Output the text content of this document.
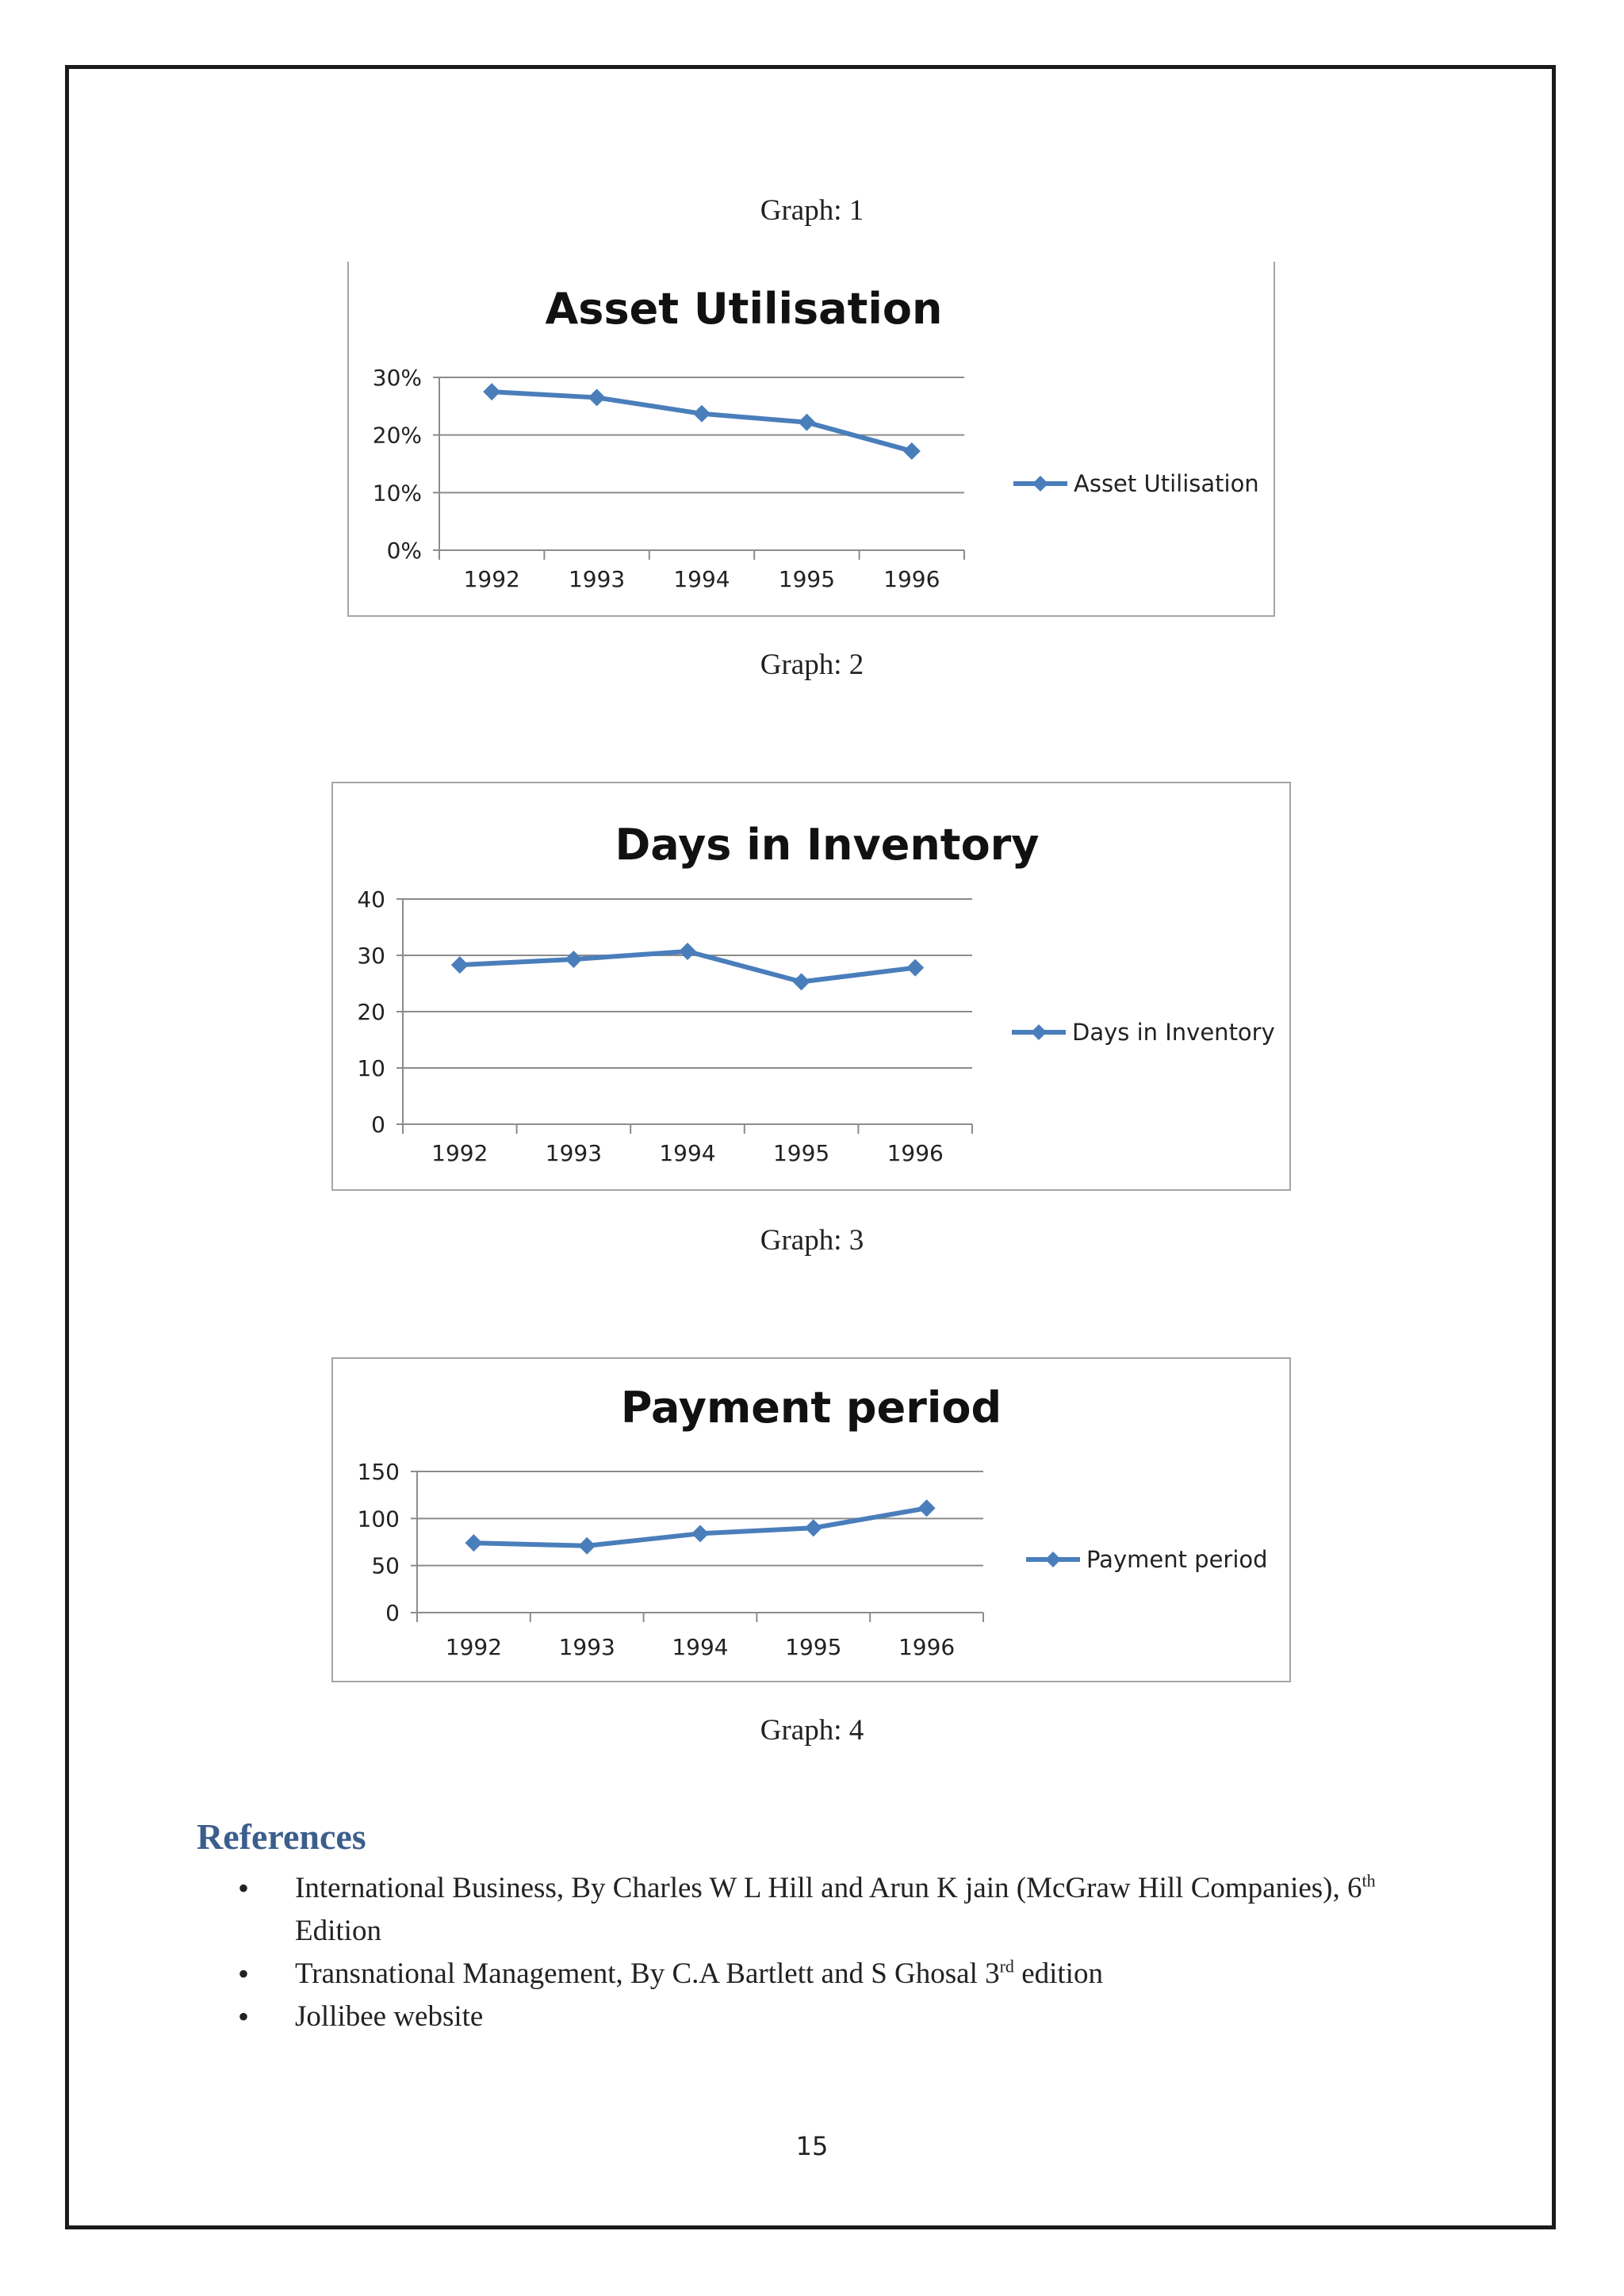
Graph: 1
Asset Utilisation
0%
10%
20%
30%
1992 1993 1994 1995 1996
Asset Utilisation
Graph: 2
Days in Inventory
0
10
20
30
40
1992	1993	1994	1995	1996
Days in Inventory
Graph: 3
Payment period
0
50
100
150
1992	1993	1994	1995	1996
Payment period
Graph: 4
References
• International Business, By Charles W L Hill and Arun K jain (McGraw Hill Companies), 6th Edition
• Transnational Management, By C.A Bartlett and S Ghosal 3rd edition
• Jollibee website
15
